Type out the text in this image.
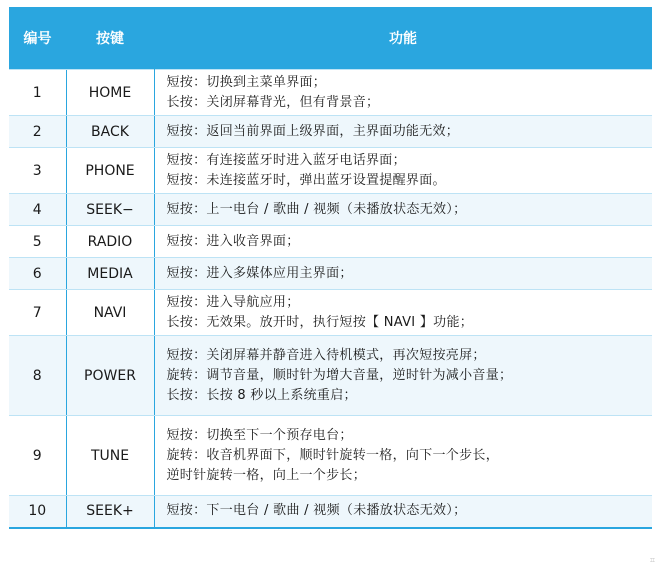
编号	按键	功能
1	HOME	短按：切换到主菜单界面；
长按：关闭屏幕背光，但有背景音；

2	BACK	短按：返回当前界面上级界面，主界面功能无效；

3	PHONE	短按：有连接蓝牙时进入蓝牙电话界面；
短按：未连接蓝牙时，弹出蓝牙设置提醒界面。

4	SEEK−	短按：上一电台 / 歌曲 / 视频（未播放状态无效）；

5	RADIO	短按：进入收音界面；

6	MEDIA	短按：进入多媒体应用主界面；

7	NAVI	短按：进入导航应用；
长按：无效果。放开时，执行短按【 NAVI 】功能；

8	POWER	短按：关闭屏幕并静音进入待机模式，再次短按亮屏；
旋转：调节音量，顺时针为增大音量，逆时针为减小音量；
长按：长按 8 秒以上系统重启；

9	TUNE	短按：切换至下一个预存电台；
旋转：收音机界面下，顺时针旋转一格，向下一个步长，
逆时针旋转一格，向上一个步长；

10	SEEK+	短按：下一电台 / 歌曲 / 视频（未播放状态无效）；
⌗
